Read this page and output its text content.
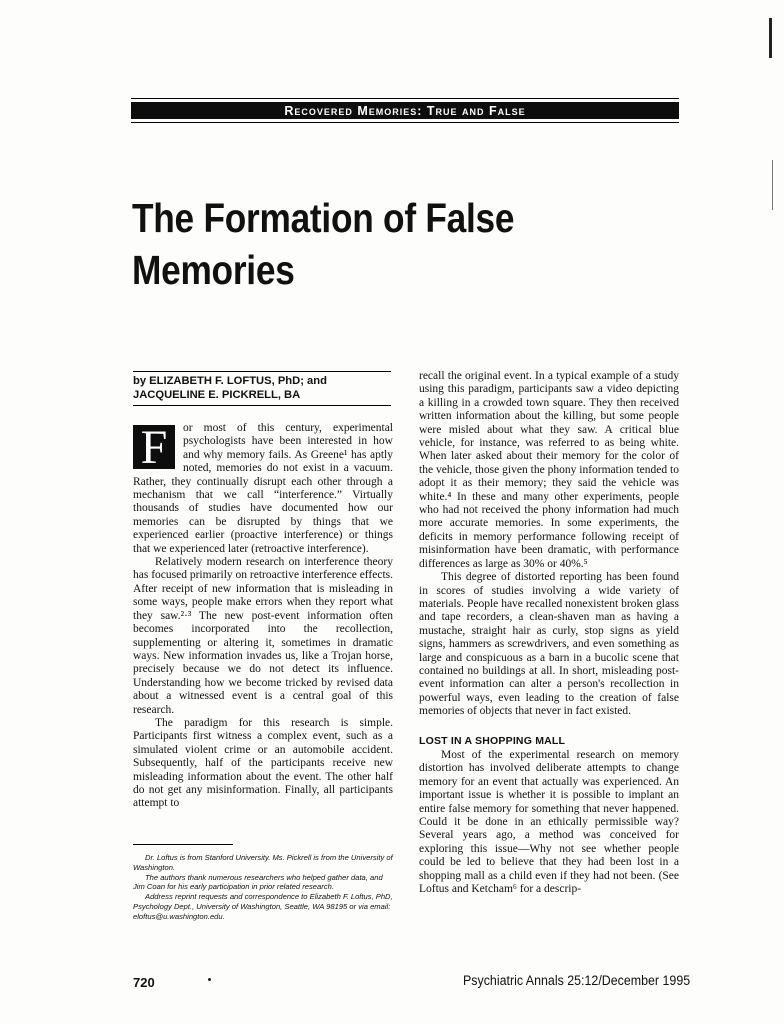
Recovered Memories: True and False
The Formation of False
Memories
by ELIZABETH F. LOFTUS, PhD; and
JACQUELINE E. PICKRELL, BA

F	or most of this century, experimental psychologists have been interested in how and why memory fails. As Greene¹ has aptly noted, memories do not exist in a vacuum. Rather, they continually disrupt each other through a mechanism that we call “interference.” Virtually thousands of studies have documented how our memories can be disrupted by things that we experienced earlier (proactive interference) or things that we experienced later (retroactive interference).

Relatively modern research on interference theory has focused primarily on retroactive interference effects. After receipt of new information that is misleading in some ways, people make errors when they report what they saw.²·³ The new post-event information often becomes incorporated into the recollection, supplementing or altering it, sometimes in dramatic ways. New information invades us, like a Trojan horse, precisely because we do not detect its influence. Understanding how we become tricked by revised data about a witnessed event is a central goal of this research.

The paradigm for this research is simple. Participants first witness a complex event, such as a simulated violent crime or an automobile accident. Subsequently, half of the participants receive new misleading information about the event. The other half do not get any misinformation. Finally, all participants attempt to

Dr. Loftus is from Stanford University. Ms. Pickrell is from the University of Washington.

The authors thank numerous researchers who helped gather data, and Jim Coan for his early participation in prior related research.

Address reprint requests and correspondence to Elizabeth F. Loftus, PhD, Psychology Dept., University of Washington, Seattle, WA 98195 or via email: eloftus@u.washington.edu.

recall the original event. In a typical example of a study using this paradigm, participants saw a video depicting a killing in a crowded town square. They then received written information about the killing, but some people were misled about what they saw. A critical blue vehicle, for instance, was referred to as being white. When later asked about their memory for the color of the vehicle, those given the phony information tended to adopt it as their memory; they said the vehicle was white.⁴ In these and many other experiments, people who had not received the phony information had much more accurate memories. In some experiments, the deficits in memory performance following receipt of misinformation have been dramatic, with performance differences as large as 30% or 40%.⁵

This degree of distorted reporting has been found in scores of studies involving a wide variety of materials. People have recalled nonexistent broken glass and tape recorders, a clean-shaven man as having a mustache, straight hair as curly, stop signs as yield signs, hammers as screwdrivers, and even something as large and conspicuous as a barn in a bucolic scene that contained no buildings at all. In short, misleading post-event information can alter a person's recollection in powerful ways, even leading to the creation of false memories of objects that never in fact existed.

LOST IN A SHOPPING MALL

Most of the experimental research on memory distortion has involved deliberate attempts to change memory for an event that actually was experienced. An important issue is whether it is possible to implant an entire false memory for something that never happened. Could it be done in an ethically permissible way? Several years ago, a method was conceived for exploring this issue—Why not see whether people could be led to believe that they had been lost in a shopping mall as a child even if they had not been. (See Loftus and Ketcham⁶ for a descrip-

720	Psychiatric Annals 25:12/December 1995
